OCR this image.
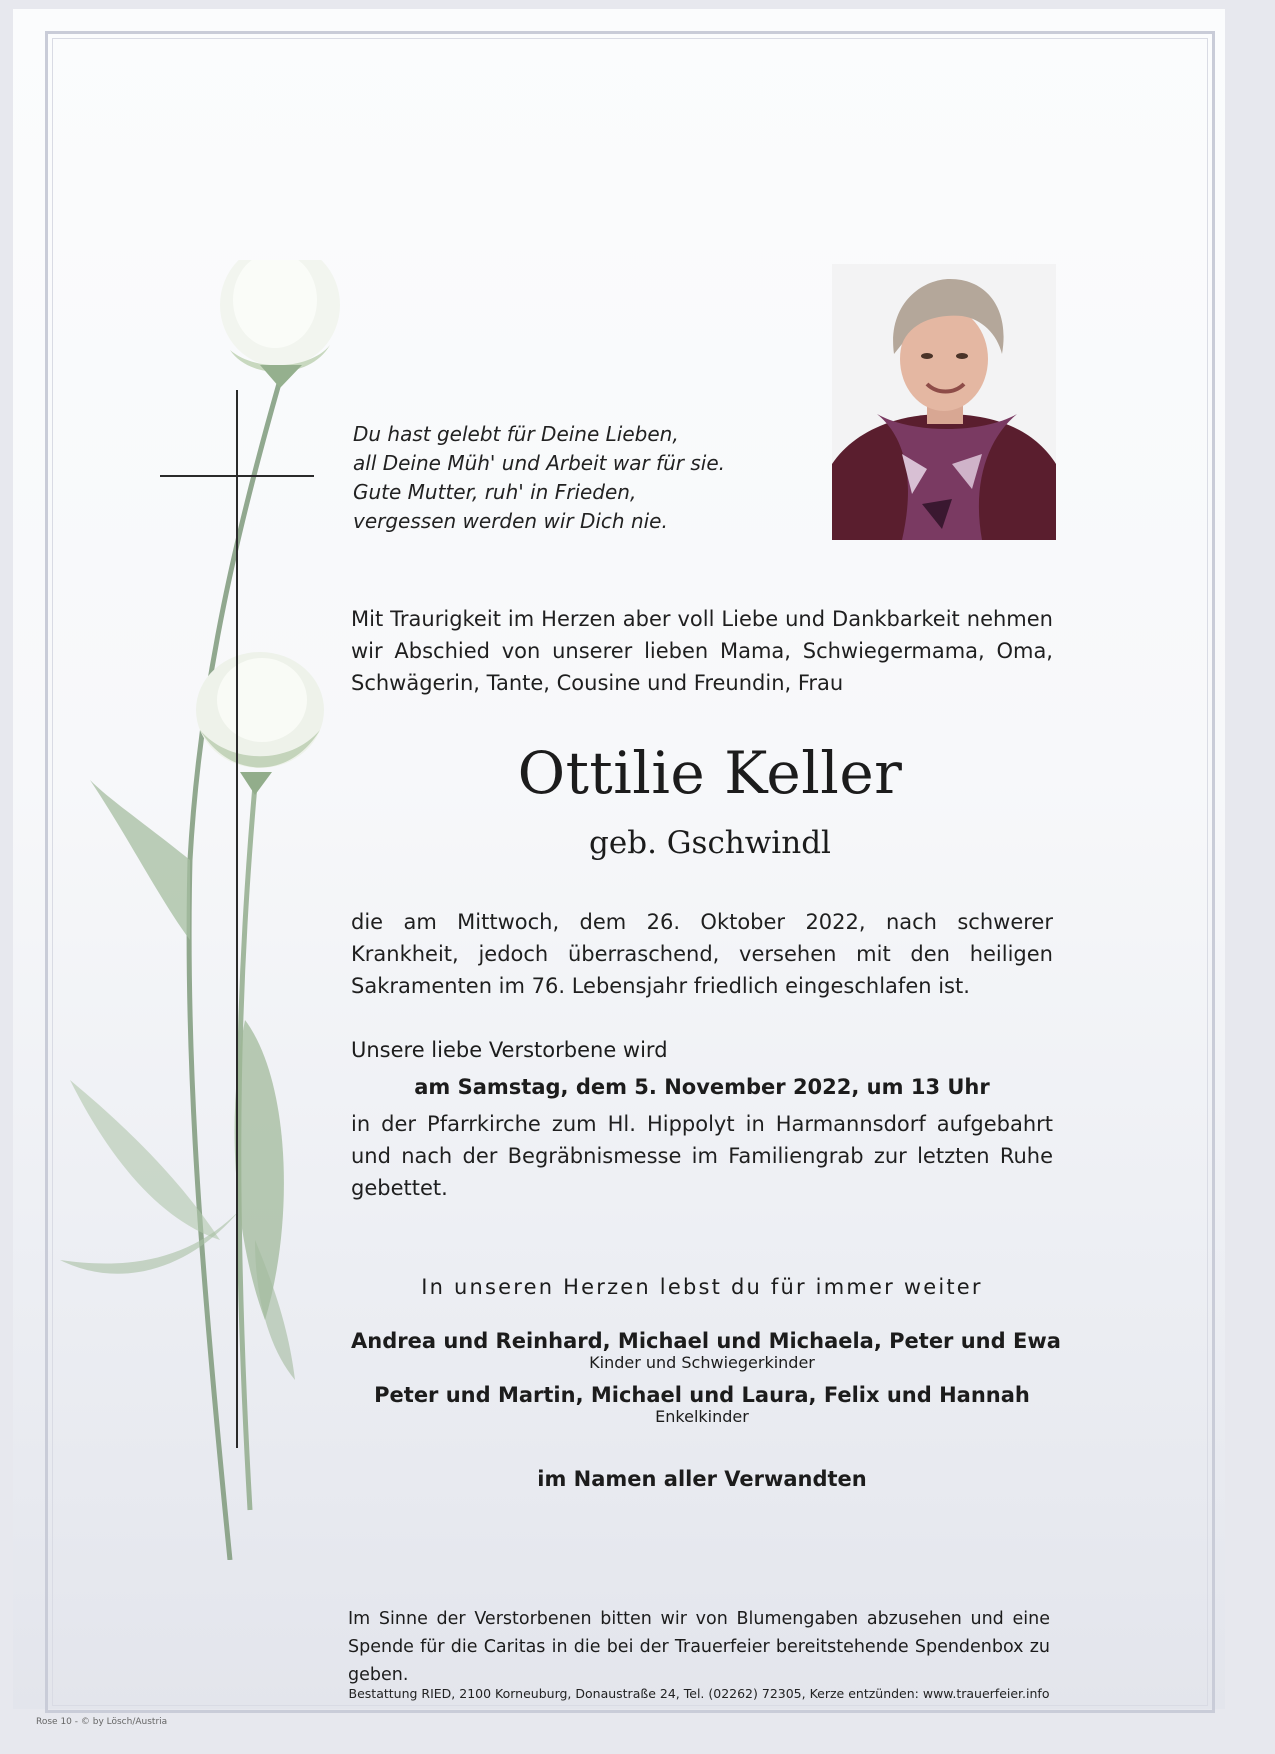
Du hast gelebt für Deine Lieben,
all Deine Müh' und Arbeit war für sie.
Gute Mutter, ruh' in Frieden,
vergessen werden wir Dich nie.
Mit Traurigkeit im Herzen aber voll Liebe und Dankbarkeit nehmen wir Abschied von unserer lieben Mama, Schwiegermama, Oma, Schwägerin, Tante, Cousine und Freundin, Frau
Ottilie Keller
geb. Gschwindl
die am Mittwoch, dem 26. Oktober 2022, nach schwerer Krankheit, jedoch überraschend, versehen mit den heiligen Sakramenten im 76. Lebensjahr friedlich eingeschlafen ist.
Unsere liebe Verstorbene wird
am Samstag, dem 5. November 2022, um 13 Uhr
in der Pfarrkirche zum Hl. Hippolyt in Harmannsdorf aufgebahrt und nach der Begräbnismesse im Familiengrab zur letzten Ruhe gebettet.
In unseren Herzen lebst du für immer weiter
Andrea und Reinhard, Michael und Michaela, Peter und Ewa
Kinder und Schwiegerkinder
Peter und Martin, Michael und Laura, Felix und Hannah
Enkelkinder
im Namen aller Verwandten
Im Sinne der Verstorbenen bitten wir von Blumengaben abzusehen und eine Spende für die Caritas in die bei der Trauerfeier bereitstehende Spendenbox zu geben.
Bestattung RIED, 2100 Korneuburg, Donaustraße 24, Tel. (02262) 72305, Kerze entzünden: www.trauerfeier.info
Rose 10 - © by Lösch/Austria
